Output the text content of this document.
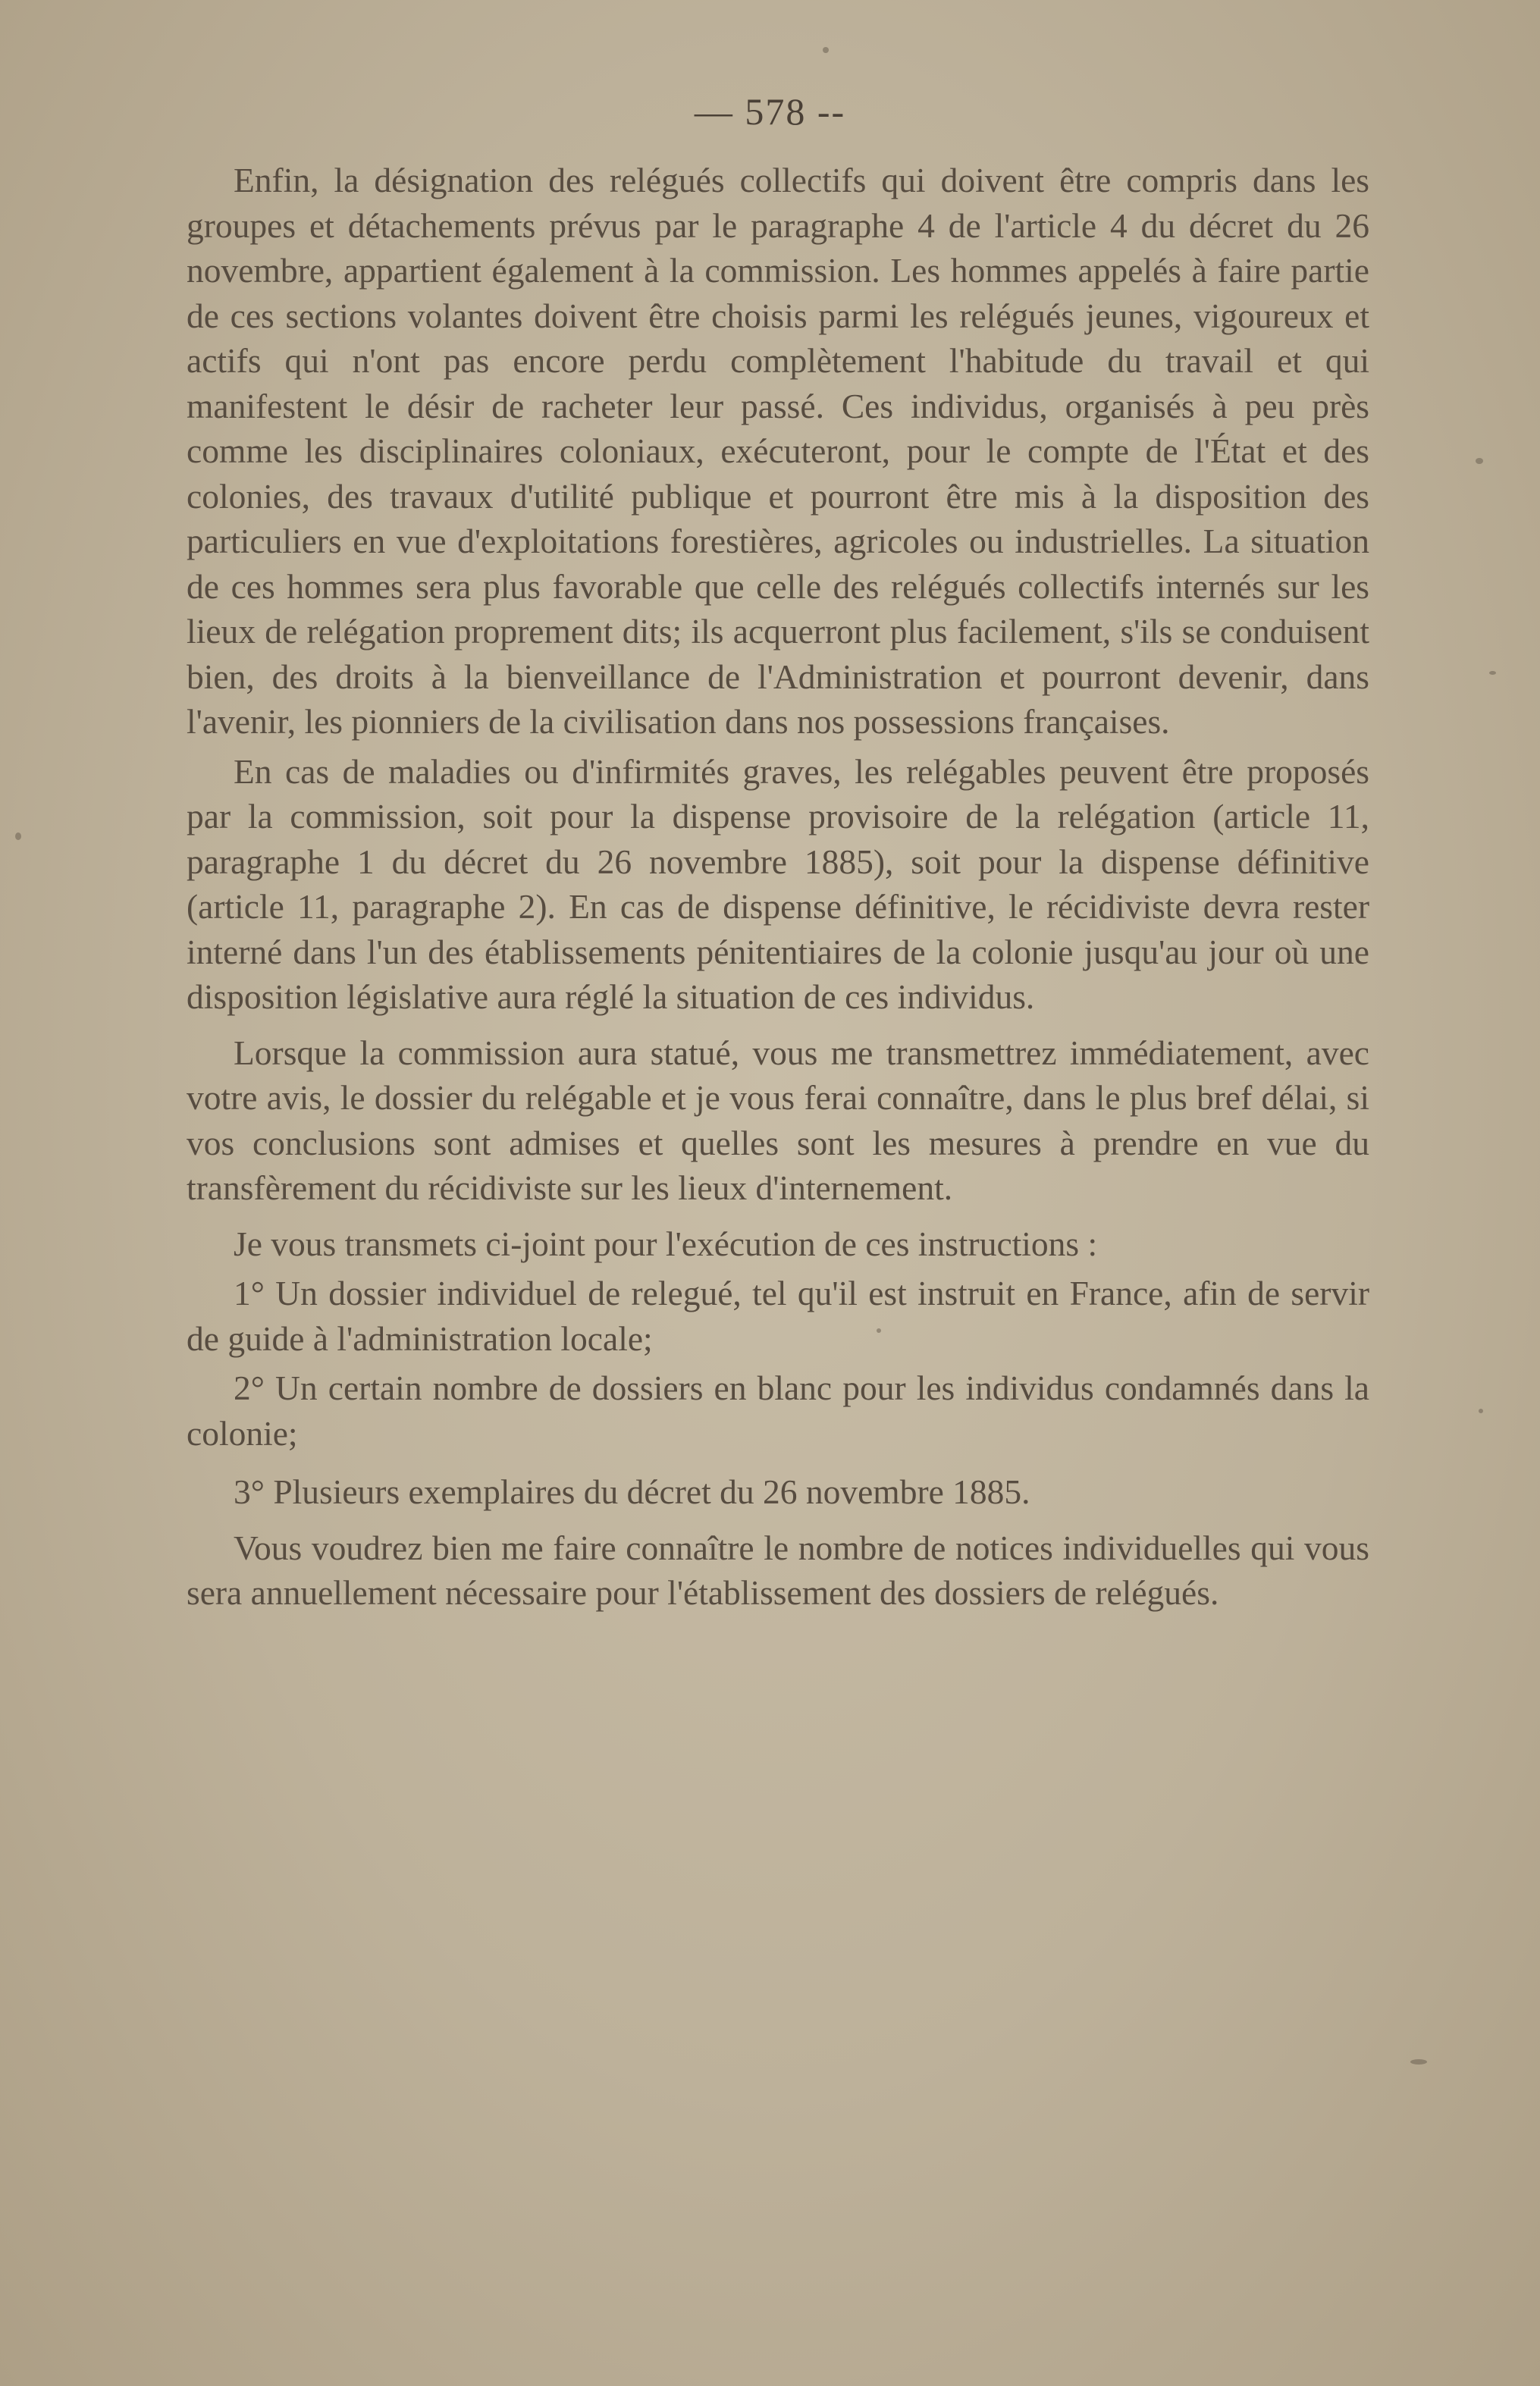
— 578 --

Enfin, la désignation des relégués collectifs qui doivent être compris dans les groupes et détachements prévus par le paragraphe 4 de l'article 4 du décret du 26 novembre, appartient également à la commission. Les hommes appelés à faire partie de ces sections volantes doivent être choisis parmi les relégués jeunes, vigoureux et actifs qui n'ont pas encore perdu complètement l'habitude du travail et qui manifestent le désir de racheter leur passé. Ces individus, organisés à peu près comme les disciplinaires coloniaux, exécuteront, pour le compte de l'État et des colonies, des travaux d'utilité publique et pourront être mis à la disposition des particuliers en vue d'exploitations forestières, agricoles ou industrielles. La situation de ces hommes sera plus favorable que celle des relégués collectifs internés sur les lieux de relégation proprement dits; ils acquerront plus facilement, s'ils se conduisent bien, des droits à la bienveillance de l'Administration et pourront devenir, dans l'avenir, les pionniers de la civilisation dans nos possessions françaises.

En cas de maladies ou d'infirmités graves, les relégables peuvent être proposés par la commission, soit pour la dispense provisoire de la relégation (article 11, paragraphe 1 du décret du 26 novembre 1885), soit pour la dispense définitive (article 11, paragraphe 2). En cas de dispense définitive, le récidiviste devra rester interné dans l'un des établissements pénitentiaires de la colonie jusqu'au jour où une disposition législative aura réglé la situation de ces individus.

Lorsque la commission aura statué, vous me transmettrez immédiatement, avec votre avis, le dossier du relégable et je vous ferai connaître, dans le plus bref délai, si vos conclusions sont admises et quelles sont les mesures à prendre en vue du transfèrement du récidiviste sur les lieux d'internement.

Je vous transmets ci-joint pour l'exécution de ces instructions :

1° Un dossier individuel de relegué, tel qu'il est instruit en France, afin de servir de guide à l'administration locale;

2° Un certain nombre de dossiers en blanc pour les individus condamnés dans la colonie;

3° Plusieurs exemplaires du décret du 26 novembre 1885.

Vous voudrez bien me faire connaître le nombre de notices individuelles qui vous sera annuellement nécessaire pour l'établissement des dossiers de relégués.
